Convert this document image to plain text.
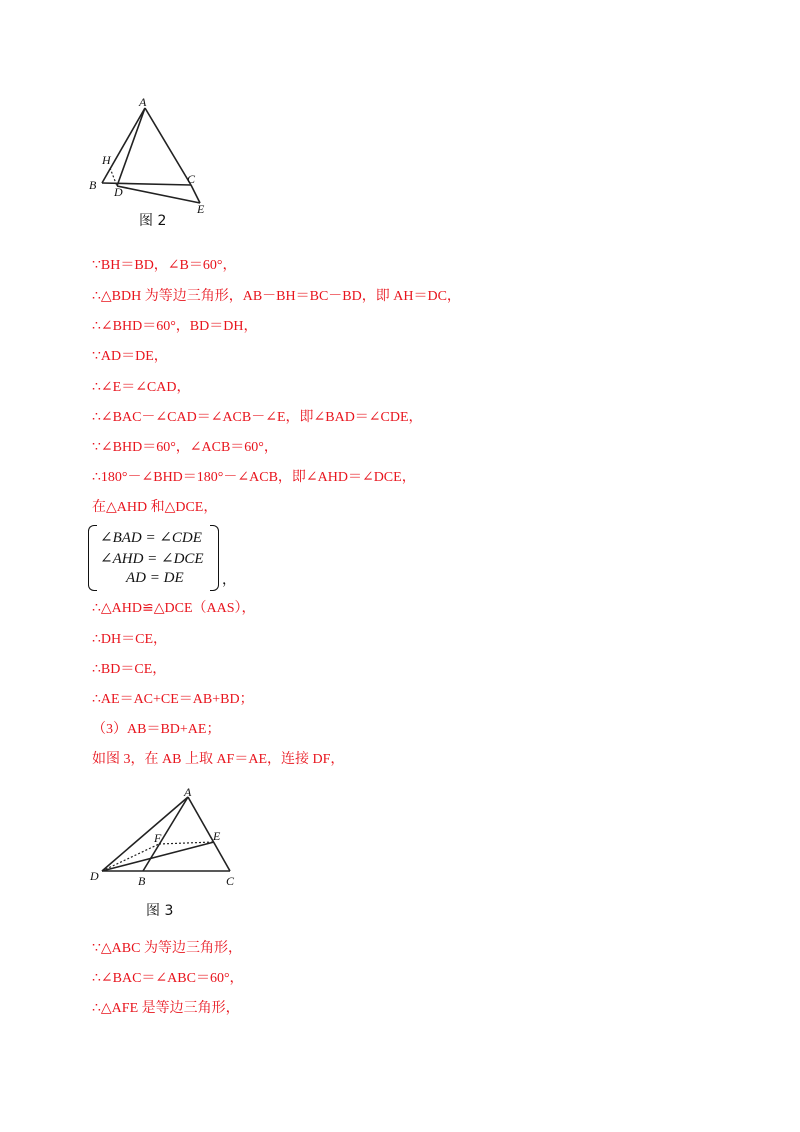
A
H
B D
C
E
图 2
∵BH＝BD，∠B＝60°，
∴△BDH 为等边三角形，AB－BH＝BC－BD，即 AH＝DC，
∴∠BHD＝60°，BD＝DH，
∵AD＝DE，
∴∠E＝∠CAD，
∴∠BAC－∠CAD＝∠ACB－∠E，即∠BAD＝∠CDE，
∵∠BHD＝60°，∠ACB＝60°，
∴180°－∠BHD＝180°－∠ACB，即∠AHD＝∠DCE，
在△AHD 和△DCE，
∠BAD = ∠CDE
∠AHD = ∠DCE
AD = DE	，
∴△AHD≌△DCE（AAS），
∴DH＝CE，
∴BD＝CE，
∴AE＝AC+CE＝AB+BD；
（3）AB＝BD+AE；
如图 3，在 AB 上取 AF＝AE，连接 DF，
A
F	E
D	B	C
图 3
∵△ABC 为等边三角形，
∴∠BAC＝∠ABC＝60°，
∴△AFE 是等边三角形，
